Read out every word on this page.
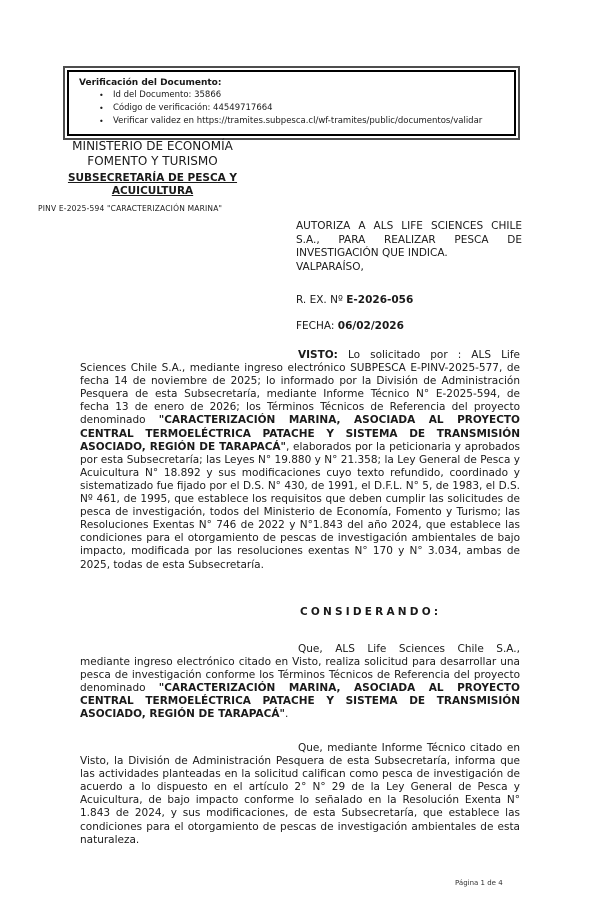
Verificación del Documento:
•	Id del Documento: 35866
•	Código de verificación: 44549717664
•	Verificar validez en https://tramites.subpesca.cl/wf-tramites/public/documentos/validar
MINISTERIO DE ECONOMÍA
FOMENTO Y TURISMO
SUBSECRETARÍA DE PESCA Y ACUICULTURA
PINV E-2025-594 "CARACTERIZACIÓN MARINA"
AUTORIZA A ALS LIFE SCIENCES CHILE S.A., PARA REALIZAR PESCA DE INVESTIGACIÓN QUE INDICA.
VALPARAÍSO,
R. EX. Nº E-2026-056
FECHA: 06/02/2026
VISTO: Lo solicitado por : ALS Life Sciences Chile S.A., mediante ingreso electrónico SUBPESCA E-PINV-2025-577, de fecha 14 de noviembre de 2025; lo informado por la División de Administración Pesquera de esta Subsecretaría, mediante Informe Técnico N° E-2025-594, de fecha 13 de enero de 2026; los Términos Técnicos de Referencia del proyecto denominado "CARACTERIZACIÓN MARINA, ASOCIADA AL PROYECTO CENTRAL TERMOELÉCTRICA PATACHE Y SISTEMA DE TRANSMISIÓN ASOCIADO, REGIÓN DE TARAPACÁ", elaborados por la peticionaria y aprobados por esta Subsecretaría; las Leyes N° 19.880 y N° 21.358; la Ley General de Pesca y Acuicultura N° 18.892 y sus modificaciones cuyo texto refundido, coordinado y sistematizado fue fijado por el D.S. N° 430, de 1991, el D.F.L. N° 5, de 1983, el D.S. Nº 461, de 1995, que establece los requisitos que deben cumplir las solicitudes de pesca de investigación, todos del Ministerio de Economía, Fomento y Turismo; las Resoluciones Exentas N° 746 de 2022 y N°1.843 del año 2024, que establece las condiciones para el otorgamiento de pescas de investigación ambientales de bajo impacto, modificada por las resoluciones exentas N° 170 y N° 3.034, ambas de 2025, todas de esta Subsecretaría.
CONSIDERANDO:
Que, ALS Life Sciences Chile S.A., mediante ingreso electrónico citado en Visto, realiza solicitud para desarrollar una pesca de investigación conforme los Términos Técnicos de Referencia del proyecto denominado "CARACTERIZACIÓN MARINA, ASOCIADA AL PROYECTO CENTRAL TERMOELÉCTRICA PATACHE Y SISTEMA DE TRANSMISIÓN ASOCIADO, REGIÓN DE TARAPACÁ".
Que, mediante Informe Técnico citado en Visto, la División de Administración Pesquera de esta Subsecretaría, informa que las actividades planteadas en la solicitud califican como pesca de investigación de acuerdo a lo dispuesto en el artículo 2° N° 29 de la Ley General de Pesca y Acuicultura, de bajo impacto conforme lo señalado en la Resolución Exenta N° 1.843 de 2024, y sus modificaciones, de esta Subsecretaría, que establece las condiciones para el otorgamiento de pescas de investigación ambientales de esta naturaleza.
Página 1 de 4
